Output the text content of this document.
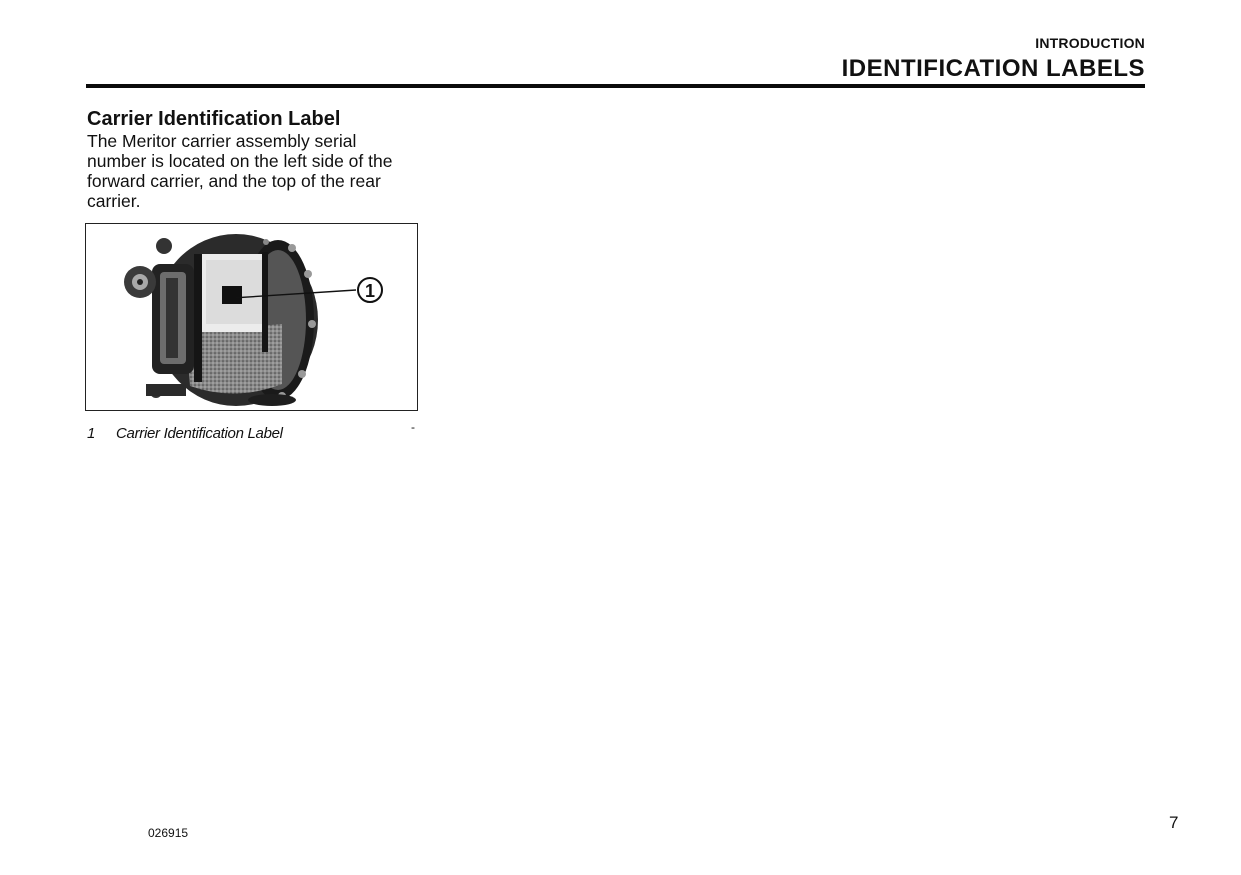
INTRODUCTION
IDENTIFICATION LABELS
Carrier Identification Label

The Meritor carrier assembly serial number is located on the left side of the forward carrier, and the top of the rear carrier.

1
1 Carrier Identification Label	-
026915
7
